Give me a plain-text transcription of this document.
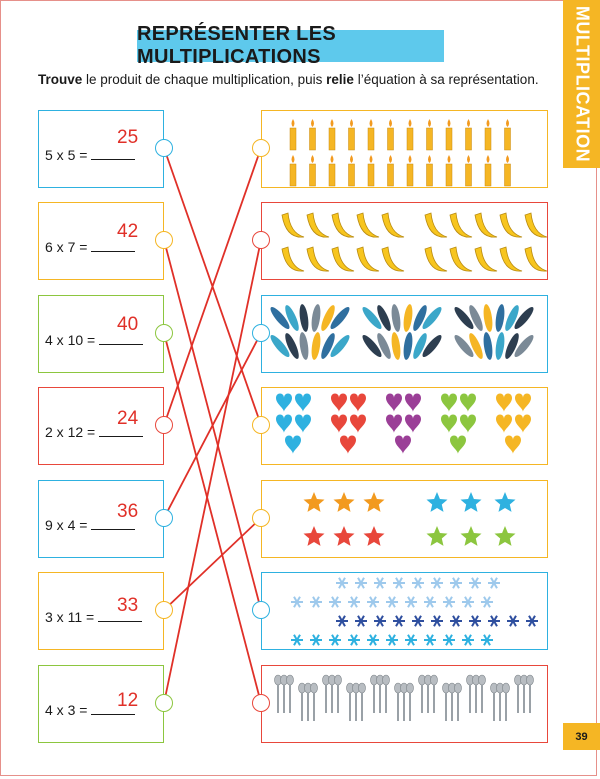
REPRÉSENTER LES MULTIPLICATIONS	MULTIPLICATION
Trouve le produit de chaque multiplication, puis relie l’équation à sa représentation.
5 x 5 =
25
6 x 7 =
42
4 x 10 =
40
2 x 12 =
24
9 x 4 =
36
3 x 11 =
33
4 x 3 =	12
39
